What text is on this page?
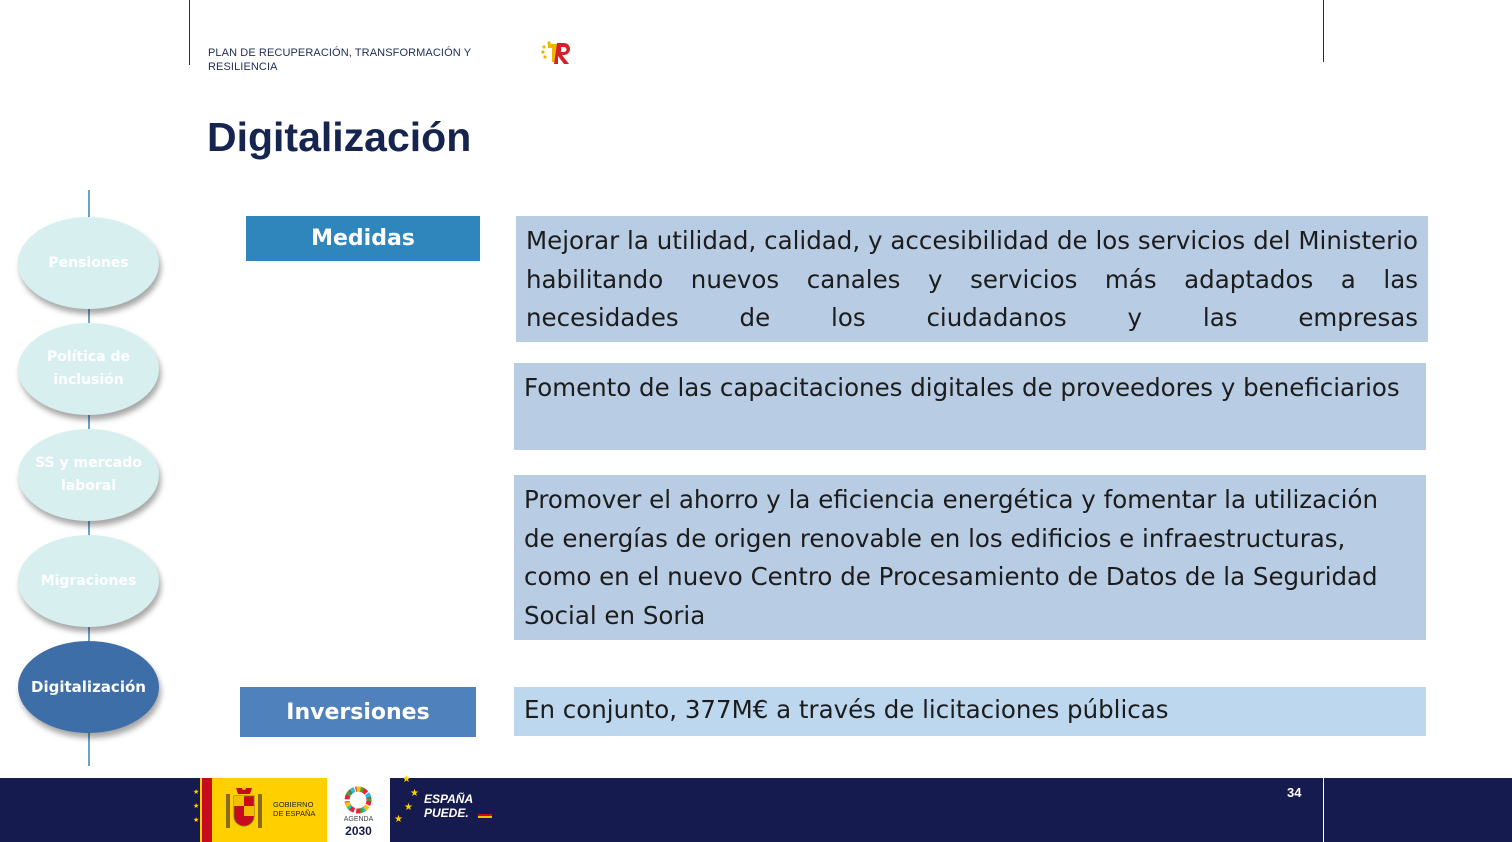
PLAN DE RECUPERACIÓN, TRANSFORMACIÓN Y RESILIENCIA
Digitalización
Pensiones
Política de inclusión
SS y mercado laboral
Migraciones
Digitalización
Medidas	Mejorar la utilidad, calidad, y accesibilidad de los servicios del Ministerio habilitando nuevos canales y servicios más adaptados a las necesidades de los ciudadanos y las empresas
Fomento de las capacitaciones digitales de proveedores y beneficiarios
Promover el ahorro y la eficiencia energética y fomentar la utilización de energías de origen renovable en los edificios e infraestructuras, como en el nuevo Centro de Procesamiento de Datos de la Seguridad Social en Soria
Inversiones	En conjunto, 377M€ a través de licitaciones públicas
34
★
★
★
GOBIERNO
DE ESPAÑA
AGENDA
2030
★
★
★
★
ESPAÑA
PUEDE.
